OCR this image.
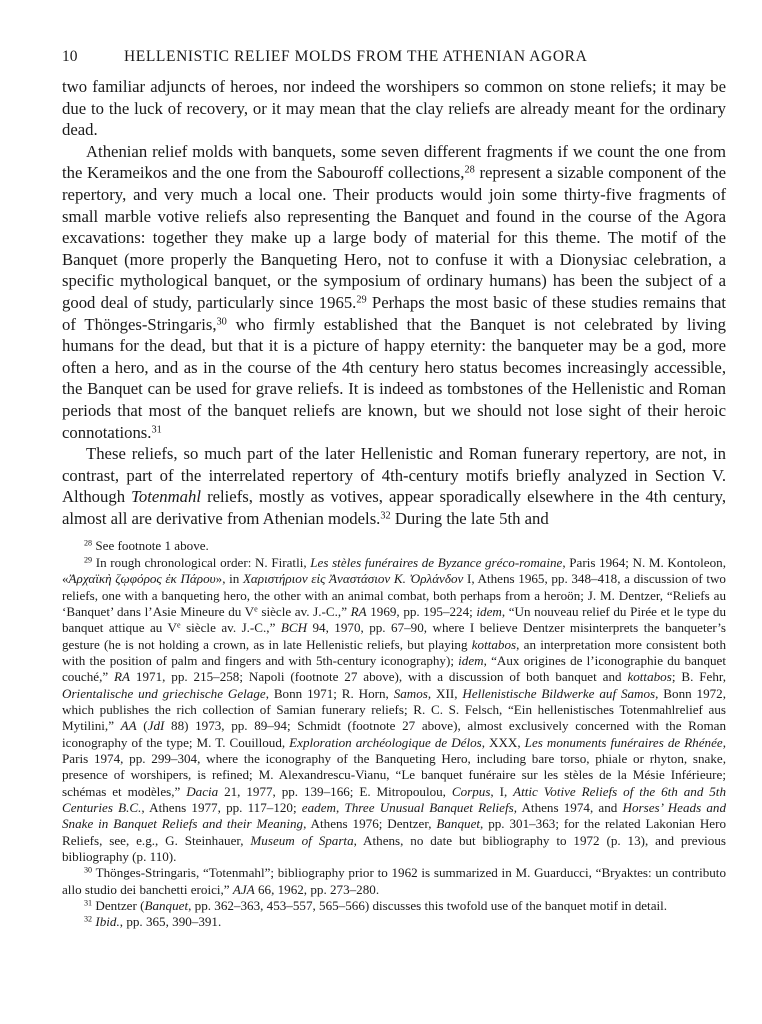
10	HELLENISTIC RELIEF MOLDS FROM THE ATHENIAN AGORA

two familiar adjuncts of heroes, nor indeed the worshipers so common on stone reliefs; it may be due to the luck of recovery, or it may mean that the clay reliefs are already meant for the ordinary dead.

Athenian relief molds with banquets, some seven different fragments if we count the one from the Kerameikos and the one from the Sabouroff collections,$^{28}$ represent a sizable component of the repertory, and very much a local one. Their products would join some thirty-five fragments of small marble votive reliefs also representing the Banquet and found in the course of the Agora excavations: together they make up a large body of material for this theme. The motif of the Banquet (more properly the Banqueting Hero, not to confuse it with a Dionysiac celebration, a specific mythological banquet, or the symposium of ordinary humans) has been the subject of a good deal of study, particularly since 1965.29 Perhaps the most basic of these studies remains that of Thönges-Stringaris,$^{30}$ who firmly established that the Banquet is not celebrated by living humans for the dead, but that it is a picture of happy eternity: the banqueter may be a god, more often a hero, and as in the course of the 4th century hero status becomes increasingly accessible, the Banquet can be used for grave reliefs. It is indeed as tombstones of the Hellenistic and Roman periods that most of the banquet reliefs are known, but we should not lose sight of their heroic connotations.$^{31}$

These reliefs, so much part of the later Hellenistic and Roman funerary repertory, are not, in contrast, part of the interrelated repertory of 4th-century motifs briefly analyzed in Section V. Although Totenmahl reliefs, mostly as votives, appear sporadically elsewhere in the 4th century, almost all are derivative from Athenian models.$^{32}$ During the late 5th and

$^{28}$ See footnote 1 above.

$^{29}$ In rough chronological order: N. Firatli, Les stèles funéraires de Byzance gréco-romaine, Paris 1964; N. M. Kontoleon, «Ἀρχαϊκὴ ζῳφόρος ἐκ Πάρου», in Χαριστήριον εἰς Ἀναστάσιον Κ. Ὀρλάνδον I, Athens 1965, pp. 348–418, a discussion of two reliefs, one with a banqueting hero, the other with an animal combat, both perhaps from a heroön; J. M. Dentzer, “Reliefs au ‘Banquet’ dans l’Asie Mineure du Ve siècle av. J.-C.,” RA 1969, pp. 195–224; idem, “Un nouveau relief du Pirée et le type du banquet attique au Ve siècle av. J.-C.,” BCH 94, 1970, pp. 67–90, where I believe Dentzer misinterprets the banqueter’s gesture (he is not holding a crown, as in late Hellenistic reliefs, but playing kottabos, an interpretation more consistent both with the position of palm and fingers and with 5th-century iconography); idem, “Aux origines de l’iconographie du banquet couché,” RA 1971, pp. 215–258; Napoli (footnote 27 above), with a discussion of both banquet and kottabos; B. Fehr, Orientalische und griechische Gelage, Bonn 1971; R. Horn, Samos, XII, Hellenistische Bildwerke auf Samos, Bonn 1972, which publishes the rich collection of Samian funerary reliefs; R. C. S. Felsch, “Ein hellenistisches Totenmahlrelief aus Mytilini,” AA (JdI 88) 1973, pp. 89–94; Schmidt (footnote 27 above), almost exclusively concerned with the Roman iconography of the type; M. T. Couilloud, Exploration archéologique de Délos, XXX, Les monuments funéraires de Rhénée, Paris 1974, pp. 299–304, where the iconography of the Banqueting Hero, including bare torso, phiale or rhyton, snake, presence of worshipers, is refined; M. Alexandrescu-Vianu, “Le banquet funéraire sur les stèles de la Mésie Inférieure; schémas et modèles,” Dacia 21, 1977, pp. 139–166; E. Mitropoulou, Corpus, I, Attic Votive Reliefs of the 6th and 5th Centuries B.C., Athens 1977, pp. 117–120; eadem, Three Unusual Banquet Reliefs, Athens 1974, and Horses’ Heads and Snake in Banquet Reliefs and their Meaning, Athens 1976; Dentzer, Banquet, pp. 301–363; for the related Lakonian Hero Reliefs, see, e.g., G. Steinhauer, Museum of Sparta, Athens, no date but bibliography to 1972 (p. 13), and previous bibliography (p. 110).

$^{30}$ Thönges-Stringaris, “Totenmahl”; bibliography prior to 1962 is summarized in M. Guarducci, “Bryaktes: un contributo allo studio dei banchetti eroici,” AJA 66, 1962, pp. 273–280.

$^{31}$ Dentzer (Banquet, pp. 362–363, 453–557, 565–566) discusses this twofold use of the banquet motif in detail.

$^{32}$ Ibid., pp. 365, 390–391.
